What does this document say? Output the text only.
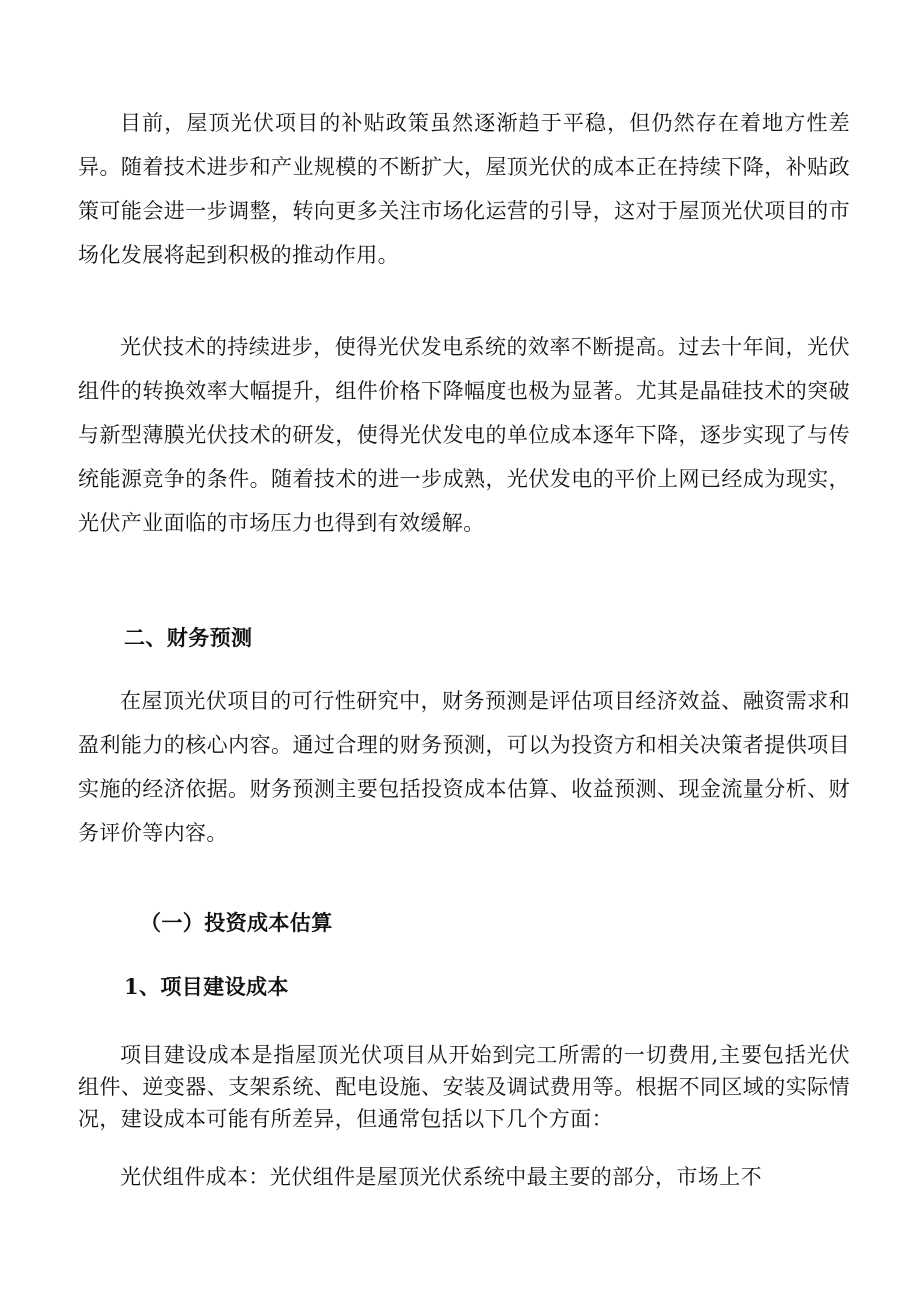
目前，屋顶光伏项目的补贴政策虽然逐渐趋于平稳，但仍然存在着地方性差异。随着技术进步和产业规模的不断扩大，屋顶光伏的成本正在持续下降，补贴政策可能会进一步调整，转向更多关注市场化运营的引导，这对于屋顶光伏项目的市场化发展将起到积极的推动作用。

光伏技术的持续进步，使得光伏发电系统的效率不断提高。过去十年间，光伏组件的转换效率大幅提升，组件价格下降幅度也极为显著。尤其是晶硅技术的突破与新型薄膜光伏技术的研发，使得光伏发电的单位成本逐年下降，逐步实现了与传统能源竞争的条件。随着技术的进一步成熟，光伏发电的平价上网已经成为现实，光伏产业面临的市场压力也得到有效缓解。

二、财务预测

在屋顶光伏项目的可行性研究中，财务预测是评估项目经济效益、融资需求和盈利能力的核心内容。通过合理的财务预测，可以为投资方和相关决策者提供项目实施的经济依据。财务预测主要包括投资成本估算、收益预测、现金流量分析、财务评价等内容。

（一）投资成本估算
1、项目建设成本

项目建设成本是指屋顶光伏项目从开始到完工所需的一切费用,主要包括光伏组件、逆变器、支架系统、配电设施、安装及调试费用等。根据不同区域的实际情况，建设成本可能有所差异，但通常包括以下几个方面：

光伏组件成本：光伏组件是屋顶光伏系统中最主要的部分，市场上不
